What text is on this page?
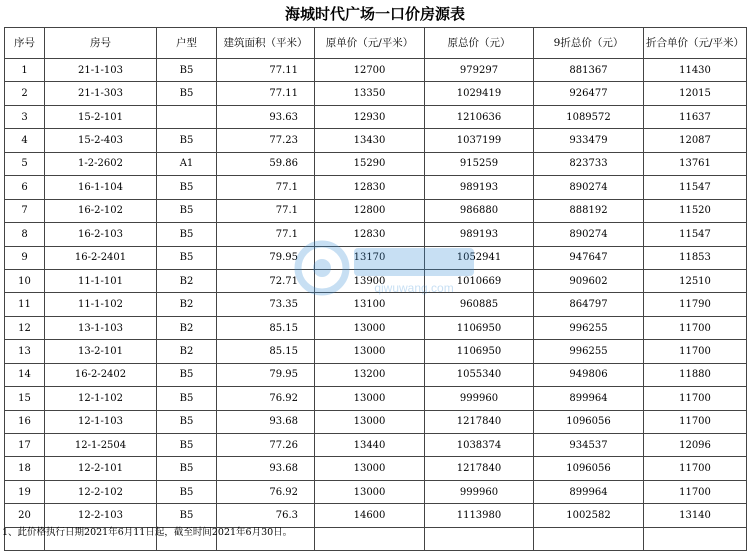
海城时代广场一口价房源表
序号	房号	户型	建筑面积（平米）	原单价（元/平米）	原总价（元）	9折总价（元）	折合单价（元/平米）
1	21-1-103	B5	77.11	12700	979297	881367	11430
2	21-1-303	B5	77.11	13350	1029419	926477	12015
3	15-2-101		93.63	12930	1210636	1089572	11637
4	15-2-403	B5	77.23	13430	1037199	933479	12087
5	1-2-2602	A1	59.86	15290	915259	823733	13761
6	16-1-104	B5	77.1	12830	989193	890274	11547
7	16-2-102	B5	77.1	12800	986880	888192	11520
8	16-2-103	B5	77.1	12830	989193	890274	11547
9	16-2-2401	B5	79.95	13170	1052941	947647	11853
10	11-1-101	B2	72.71	13900	1010669	909602	12510
11	11-1-102	B2	73.35	13100	960885	864797	11790
12	13-1-103	B2	85.15	13000	1106950	996255	11700
13	13-2-101	B2	85.15	13000	1106950	996255	11700
14	16-2-2402	B5	79.95	13200	1055340	949806	11880
15	12-1-102	B5	76.92	13000	999960	899964	11700
16	12-1-103	B5	93.68	13000	1217840	1096056	11700
17	12-1-2504	B5	77.26	13440	1038374	934537	12096
18	12-2-101	B5	93.68	13000	1217840	1096056	11700
19	12-2-102	B5	76.92	13000	999960	899964	11700
20	12-2-103	B5	76.3	14600	1113980	1002582	13140

qiwuwang.com
1、此价格执行日期2021年6月11日起，截至时间2021年6月30日。
